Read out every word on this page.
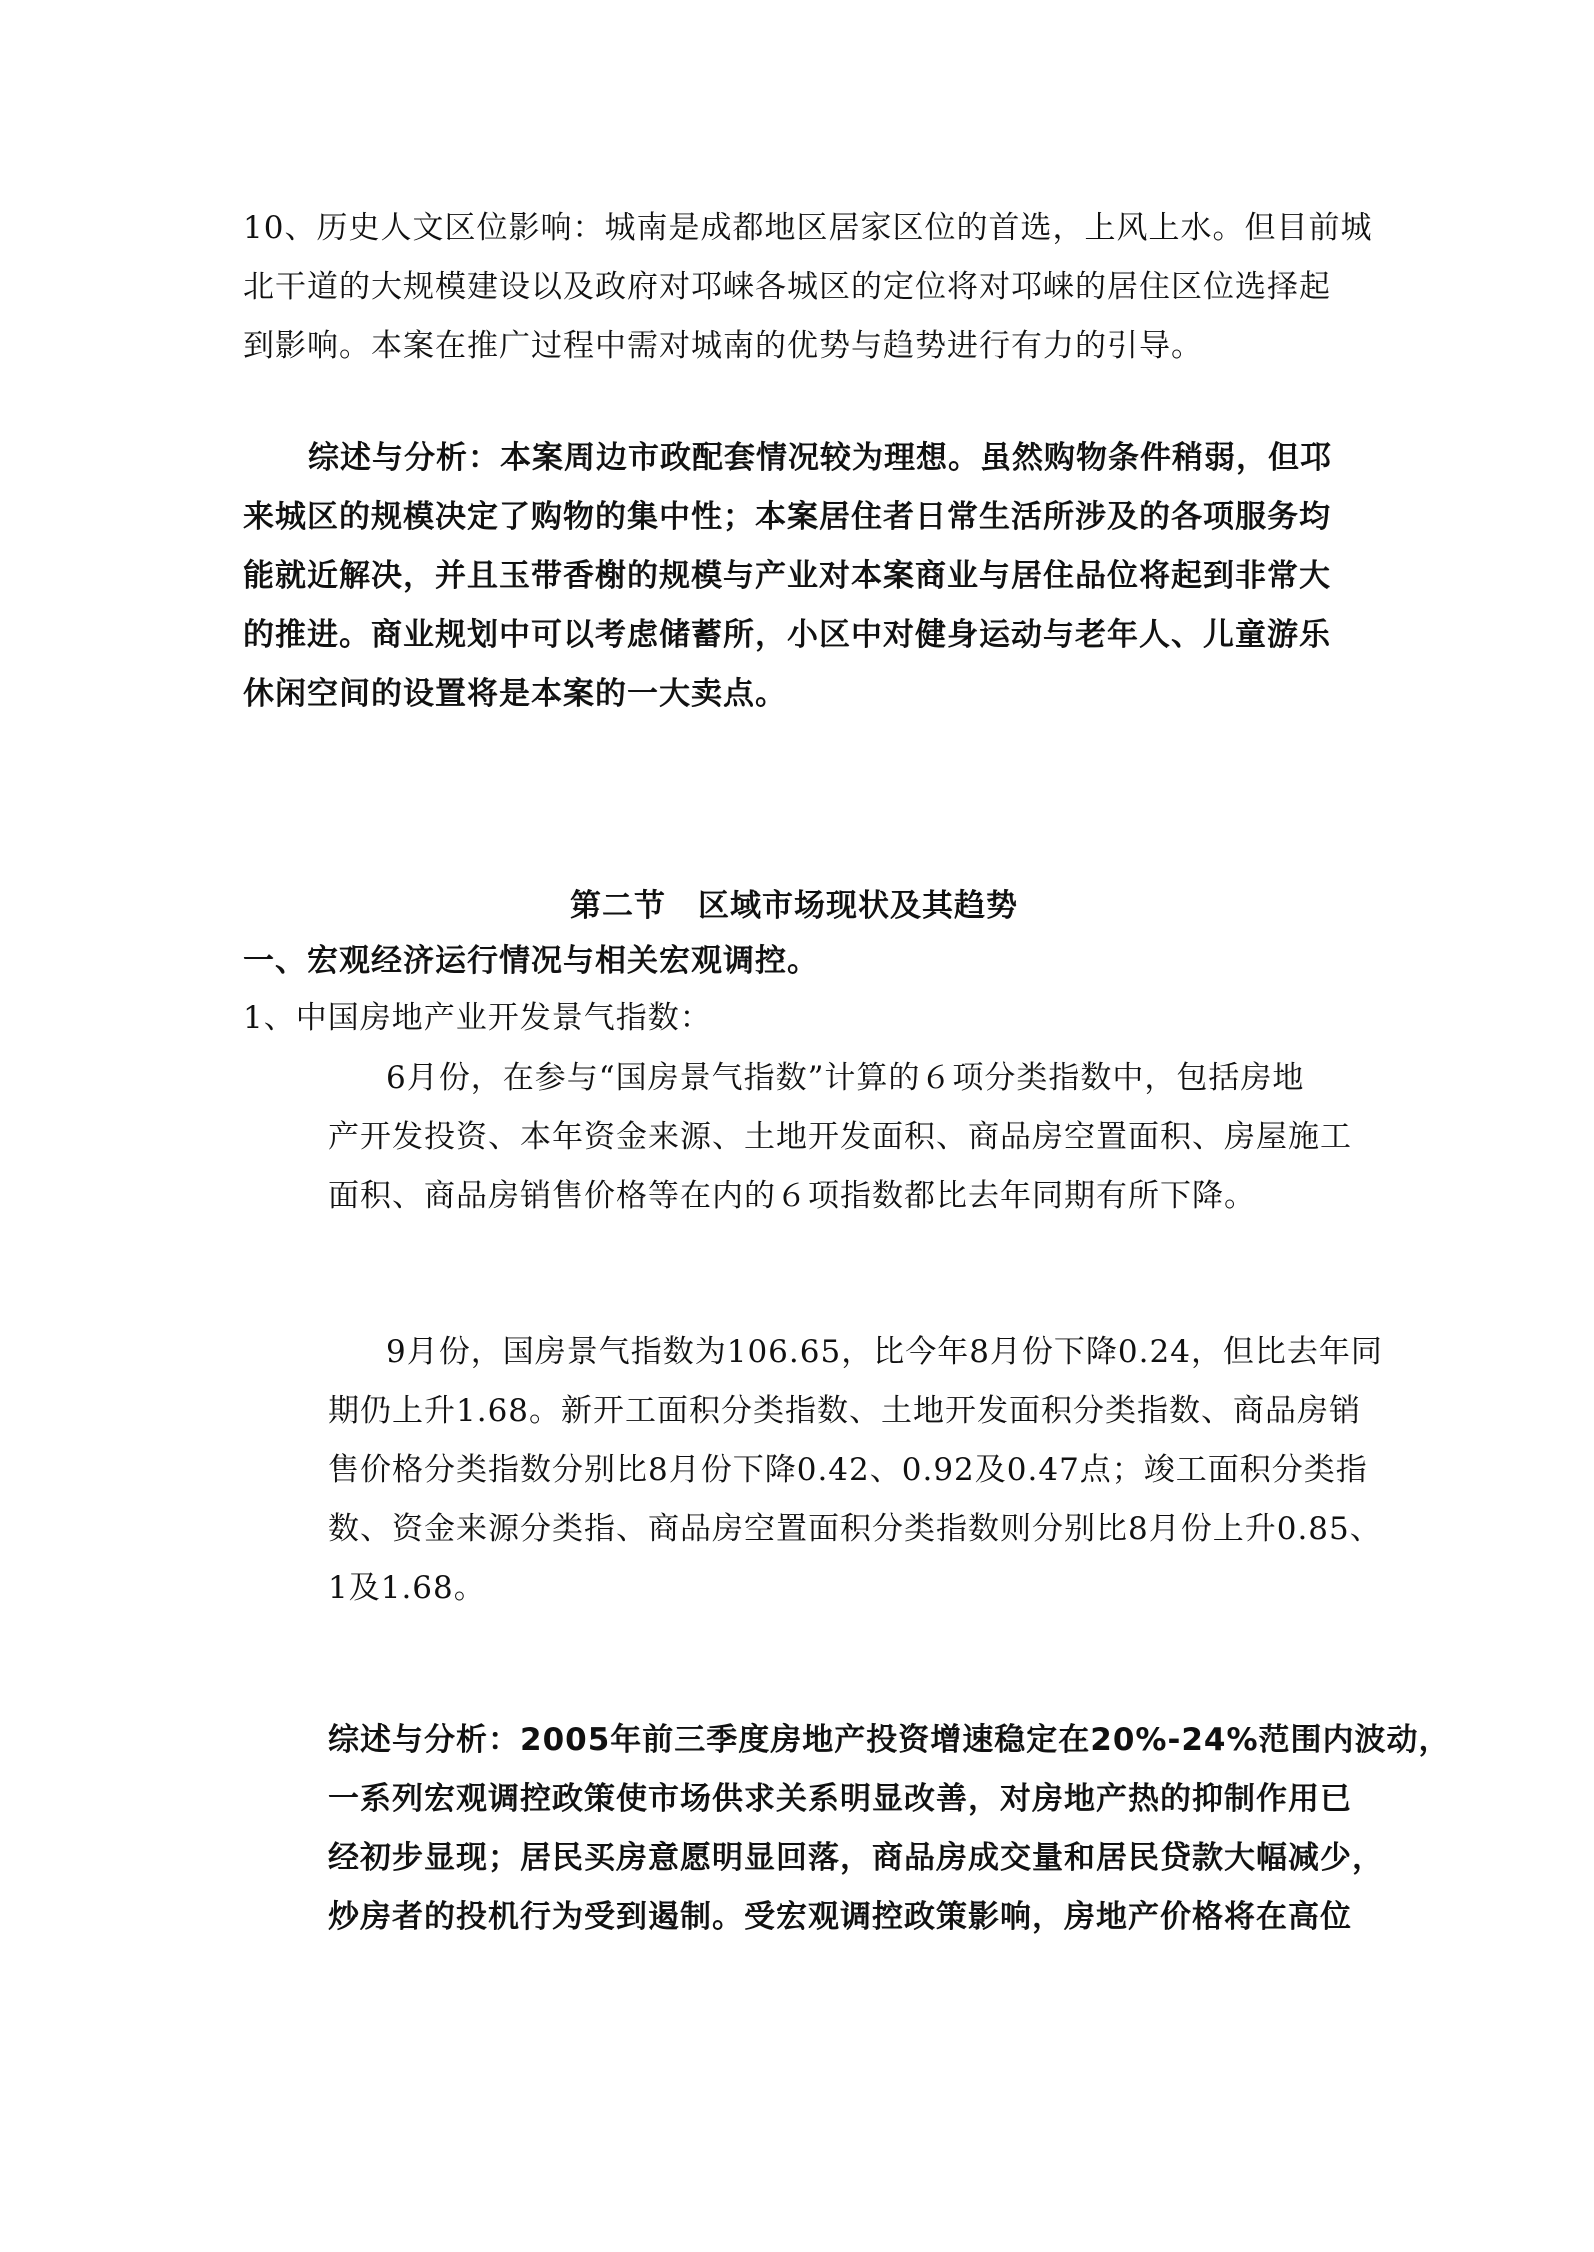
10、历史人文区位影响：城南是成都地区居家区位的首选，上风上水。但目前城
北干道的大规模建设以及政府对邛崃各城区的定位将对邛崃的居住区位选择起
到影响。本案在推广过程中需对城南的优势与趋势进行有力的引导。
综述与分析：本案周边市政配套情况较为理想。虽然购物条件稍弱，但邛
来城区的规模决定了购物的集中性；本案居住者日常生活所涉及的各项服务均
能就近解决，并且玉带香榭的规模与产业对本案商业与居住品位将起到非常大
的推进。商业规划中可以考虑储蓄所，小区中对健身运动与老年人、儿童游乐
休闲空间的设置将是本案的一大卖点。
第二节　区域市场现状及其趋势
一、宏观经济运行情况与相关宏观调控。
1、中国房地产业开发景气指数：
6月份，在参与“国房景气指数”计算的６项分类指数中，包括房地
产开发投资、本年资金来源、土地开发面积、商品房空置面积、房屋施工
面积、商品房销售价格等在内的６项指数都比去年同期有所下降。
9月份，国房景气指数为106.65，比今年8月份下降0.24，但比去年同
期仍上升1.68。新开工面积分类指数、土地开发面积分类指数、商品房销
售价格分类指数分别比8月份下降0.42、0.92及0.47点；竣工面积分类指
数、资金来源分类指、商品房空置面积分类指数则分别比8月份上升0.85、
1及1.68。
综述与分析：2005年前三季度房地产投资增速稳定在20%-24%范围内波动，
一系列宏观调控政策使市场供求关系明显改善，对房地产热的抑制作用已
经初步显现；居民买房意愿明显回落，商品房成交量和居民贷款大幅减少，
炒房者的投机行为受到遏制。受宏观调控政策影响，房地产价格将在高位
